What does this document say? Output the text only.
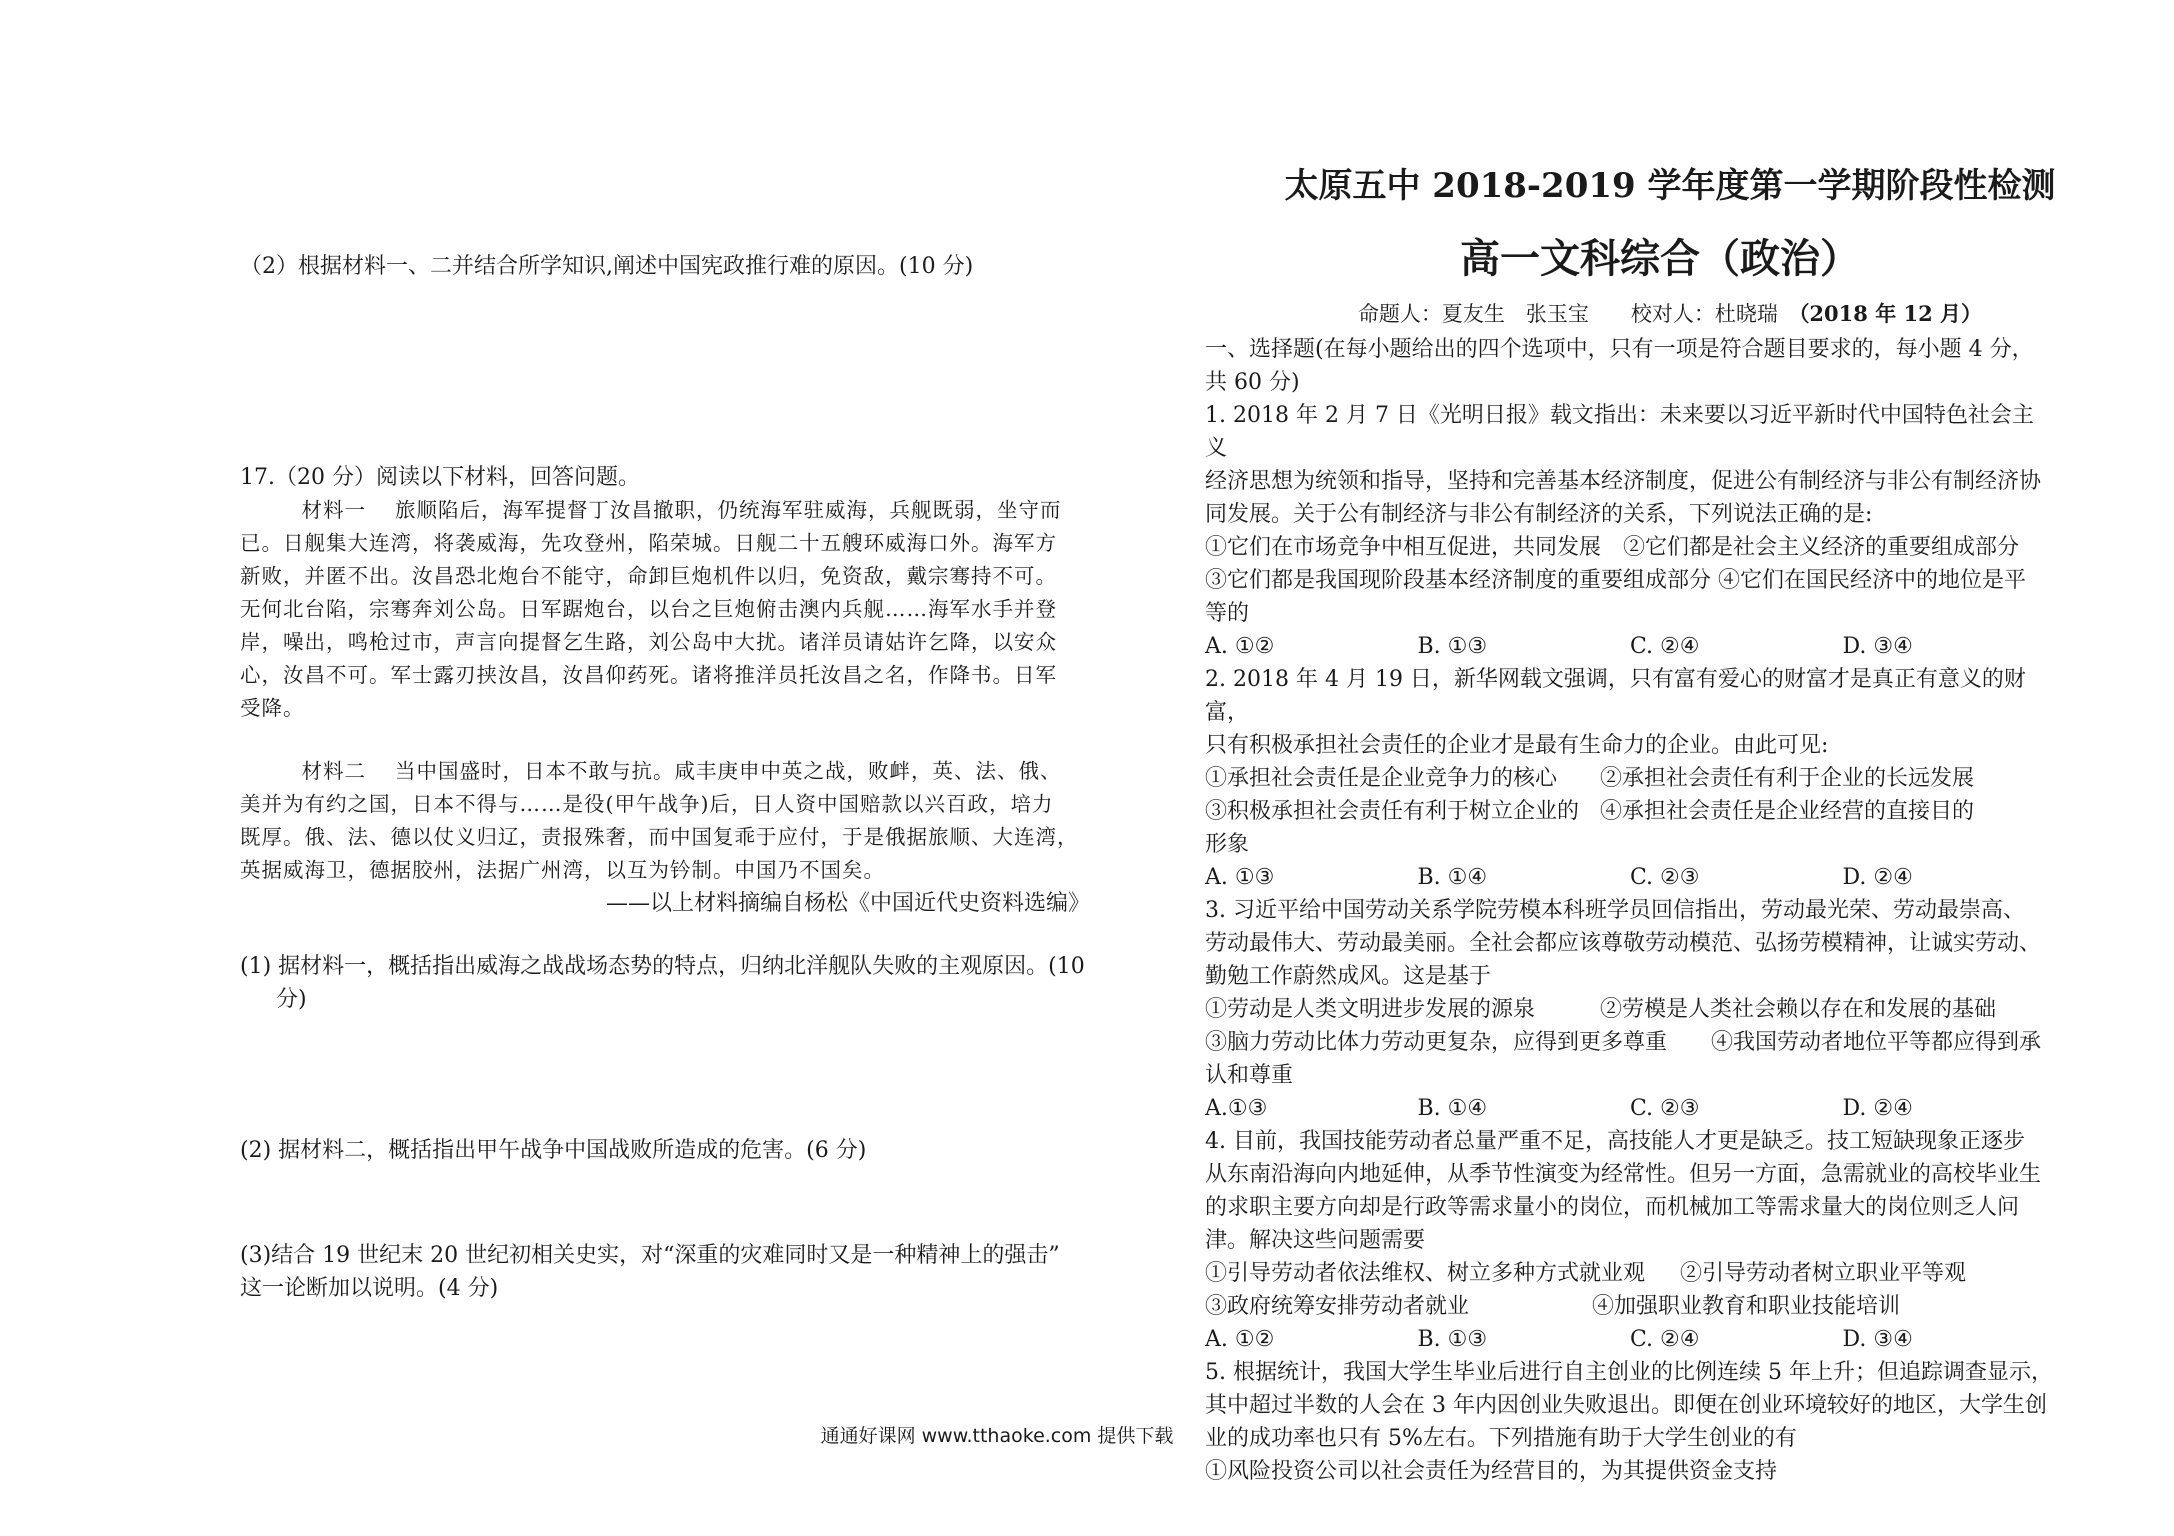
（2）根据材料一、二并结合所学知识,阐述中国宪政推行难的原因。(10 分)

17.（20 分）阅读以下材料，回答问题。

材料一　 旅顺陷后，海军提督丁汝昌撤职，仍统海军驻威海，兵舰既弱，坐守而

已。日舰集大连湾，将袭威海，先攻登州，陷荣城。日舰二十五艘环威海口外。海军方

新败，并匿不出。汝昌恐北炮台不能守，命卸巨炮机件以归，免资敌，戴宗骞持不可。

无何北台陷，宗骞奔刘公岛。日军踞炮台，以台之巨炮俯击澳内兵舰……海军水手并登

岸，噪出，鸣枪过市，声言向提督乞生路，刘公岛中大扰。诸洋员请姑许乞降，以安众

心，汝昌不可。军士露刃挟汝昌，汝昌仰药死。诸将推洋员托汝昌之名，作降书。日军

受降。

材料二　 当中国盛时，日本不敢与抗。咸丰庚申中英之战，败衅，英、法、俄、

美并为有约之国，日本不得与……是役(甲午战争)后，日人资中国赔款以兴百政，培力

既厚。俄、法、德以仗义归辽，责报殊奢，而中国复乖于应付，于是俄据旅顺、大连湾，

英据威海卫，德据胶州，法据广州湾，以互为钤制。中国乃不国矣。

——以上材料摘编自杨松《中国近代史资料选编》

(1) 据材料一，概括指出威海之战战场态势的特点，归纳北洋舰队失败的主观原因。(10

分)

(2) 据材料二，概括指出甲午战争中国战败所造成的危害。(6 分)

(3)结合 19 世纪末 20 世纪初相关史实，对“深重的灾难同时又是一种精神上的强击”

这一论断加以说明。(4 分)

太原五中 2018-2019 学年度第一学期阶段性检测

高一文科综合（政治）

命题人：夏友生　张玉宝　　校对人：杜晓瑞　（2018 年 12 月）

一、选择题(在每小题给出的四个选项中，只有一项是符合题目要求的，每小题 4 分，

共 60 分)

1. 2018 年 2 月 7 日《光明日报》载文指出：未来要以习近平新时代中国特色社会主义

经济思想为统领和指导，坚持和完善基本经济制度，促进公有制经济与非公有制经济协

同发展。关于公有制经济与非公有制经济的关系，下列说法正确的是:

①它们在市场竞争中相互促进，共同发展　②它们都是社会主义经济的重要组成部分

③它们都是我国现阶段基本经济制度的重要组成部分 ④它们在国民经济中的地位是平

等的

A. ①②	B. ①③	C. ②④	D. ③④

2. 2018 年 4 月 19 日，新华网载文强调，只有富有爱心的财富才是真正有意义的财富，

只有积极承担社会责任的企业才是最有生命力的企业。由此可见:

①承担社会责任是企业竞争力的核心	②承担社会责任有利于企业的长远发展
③积极承担社会责任有利于树立企业的形象
④承担社会责任是企业经营的直接目的
A. ①③	B. ①④	C. ②③	D. ②④

3. 习近平给中国劳动关系学院劳模本科班学员回信指出，劳动最光荣、劳动最崇高、

劳动最伟大、劳动最美丽。全社会都应该尊敬劳动模范、弘扬劳模精神，让诚实劳动、

勤勉工作蔚然成风。这是基于

①劳动是人类文明进步发展的源泉	②劳模是人类社会赖以存在和发展的基础

③脑力劳动比体力劳动更复杂，应得到更多尊重　　④我国劳动者地位平等都应得到承

认和尊重

A.①③	B. ①④	C. ②③	D. ②④

4. 目前，我国技能劳动者总量严重不足，高技能人才更是缺乏。技工短缺现象正逐步

从东南沿海向内地延伸，从季节性演变为经常性。但另一方面，急需就业的高校毕业生

的求职主要方向却是行政等需求量小的岗位，而机械加工等需求量大的岗位则乏人问

津。解决这些问题需要

①引导劳动者依法维权、树立多种方式就业观	②引导劳动者树立职业平等观
③政府统筹安排劳动者就业	④加强职业教育和职业技能培训
A. ①②	B. ①③	C. ②④	D. ③④

5. 根据统计，我国大学生毕业后进行自主创业的比例连续 5 年上升；但追踪调查显示，

其中超过半数的人会在 3 年内因创业失败退出。即便在创业环境较好的地区，大学生创

业的成功率也只有 5%左右。下列措施有助于大学生创业的有

①风险投资公司以社会责任为经营目的，为其提供资金支持

通通好课网 www.tthaoke.com 提供下载
